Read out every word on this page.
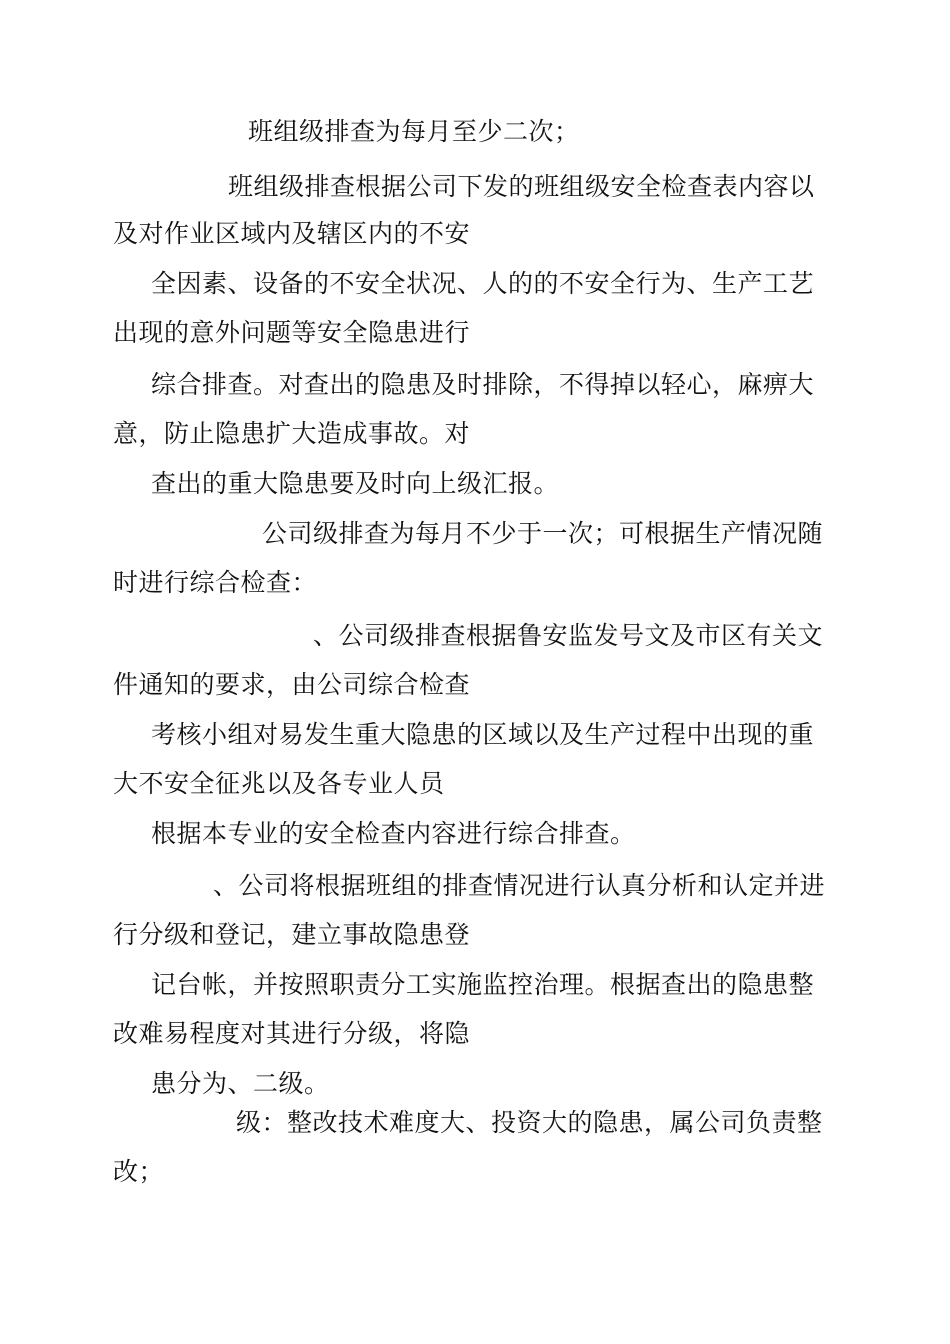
班组级排查为每月至少二次；
班组级排查根据公司下发的班组级安全检查表内容以
及对作业区域内及辖区内的不安
全因素、设备的不安全状况、人的的不安全行为、生产工艺
出现的意外问题等安全隐患进行
综合排查。对查出的隐患及时排除，不得掉以轻心，麻痹大
意，防止隐患扩大造成事故。对
查出的重大隐患要及时向上级汇报。
公司级排查为每月不少于一次；可根据生产情况随
时进行综合检查：
、公司级排查根据鲁安监发号文及市区有关文
件通知的要求，由公司综合检查
考核小组对易发生重大隐患的区域以及生产过程中出现的重
大不安全征兆以及各专业人员
根据本专业的安全检查内容进行综合排查。
、公司将根据班组的排查情况进行认真分析和认定并进
行分级和登记，建立事故隐患登
记台帐，并按照职责分工实施监控治理。根据查出的隐患整
改难易程度对其进行分级，将隐
患分为、二级。
级：整改技术难度大、投资大的隐患，属公司负责整
改；
